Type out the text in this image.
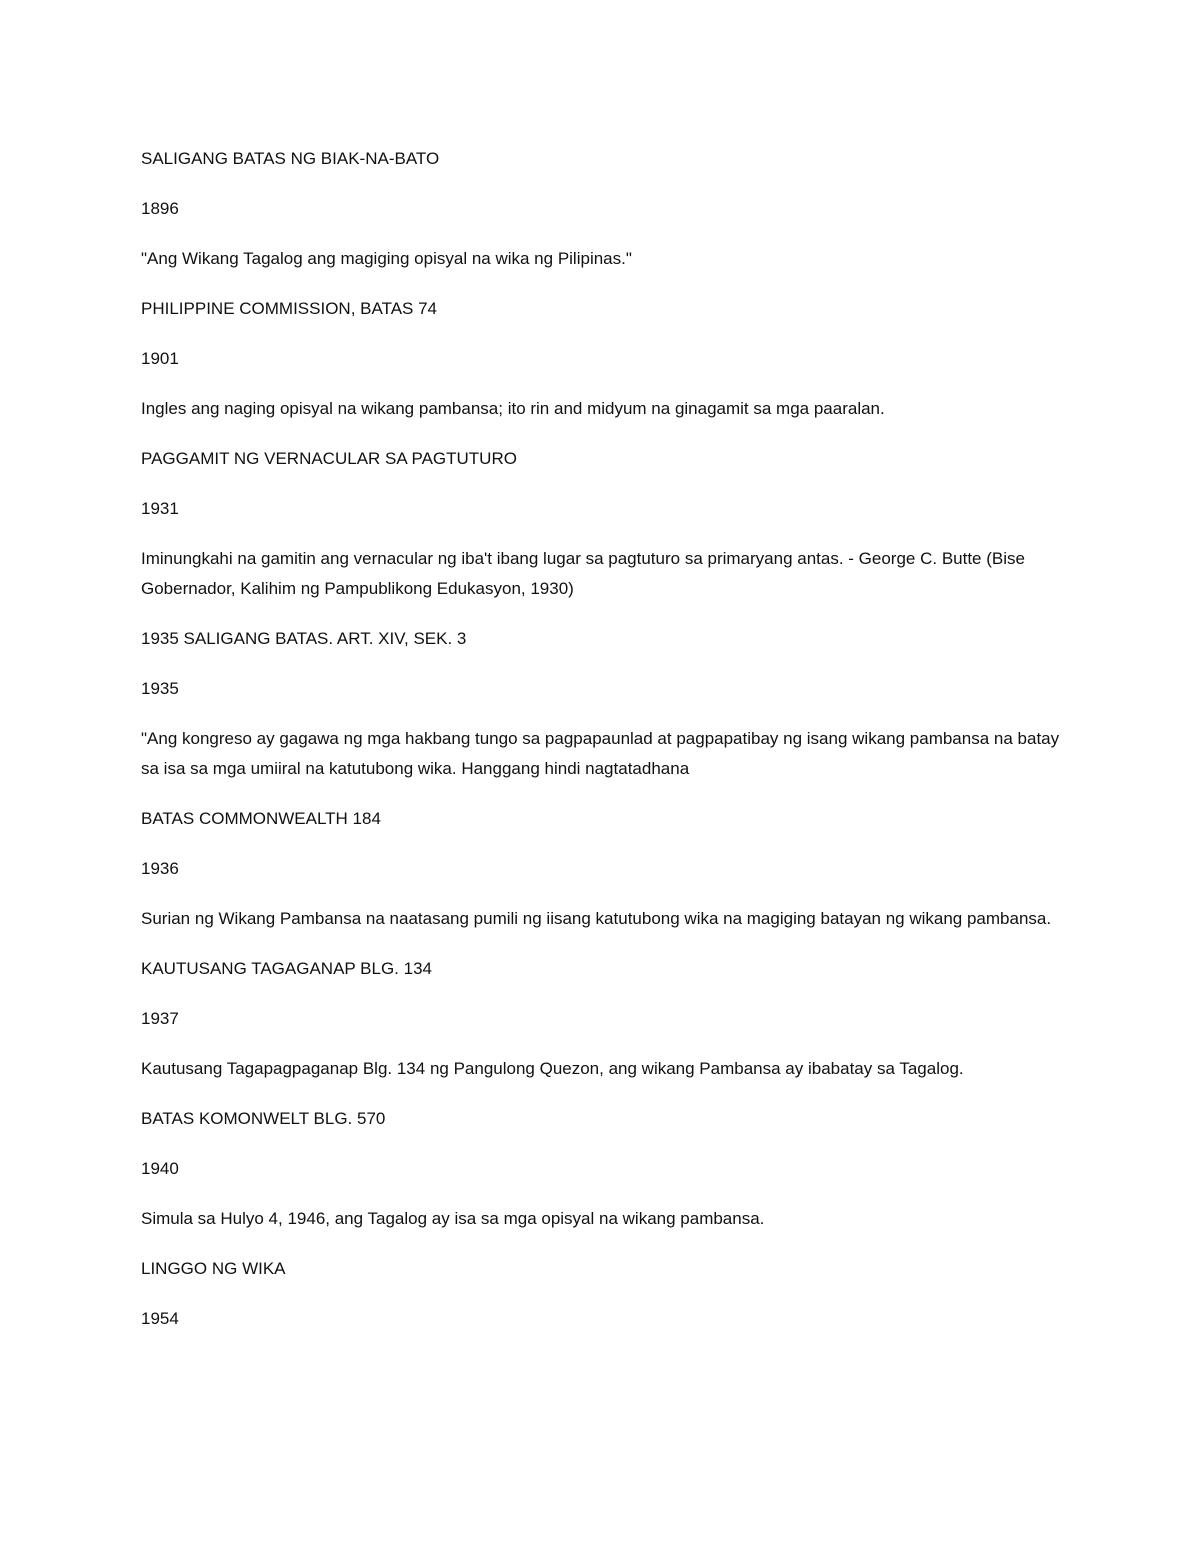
SALIGANG BATAS NG BIAK-NA-BATO

1896

"Ang Wikang Tagalog ang magiging opisyal na wika ng Pilipinas."

PHILIPPINE COMMISSION, BATAS 74

1901

Ingles ang naging opisyal na wikang pambansa; ito rin and midyum na ginagamit sa mga paaralan.

PAGGAMIT NG VERNACULAR SA PAGTUTURO

1931

Iminungkahi na gamitin ang vernacular ng iba't ibang lugar sa pagtuturo sa primaryang antas. - George C. Butte (Bise Gobernador, Kalihim ng Pampublikong Edukasyon, 1930)

1935 SALIGANG BATAS. ART. XIV, SEK. 3

1935

"Ang kongreso ay gagawa ng mga hakbang tungo sa pagpapaunlad at pagpapatibay ng isang wikang pambansa na batay sa isa sa mga umiiral na katutubong wika. Hanggang hindi nagtatadhana

BATAS COMMONWEALTH 184

1936

Surian ng Wikang Pambansa na naatasang pumili ng iisang katutubong wika na magiging batayan ng wikang pambansa.

KAUTUSANG TAGAGANAP BLG. 134

1937

Kautusang Tagapagpaganap Blg. 134 ng Pangulong Quezon, ang wikang Pambansa ay ibabatay sa Tagalog.

BATAS KOMONWELT BLG. 570

1940

Simula sa Hulyo 4, 1946, ang Tagalog ay isa sa mga opisyal na wikang pambansa.

LINGGO NG WIKA

1954
